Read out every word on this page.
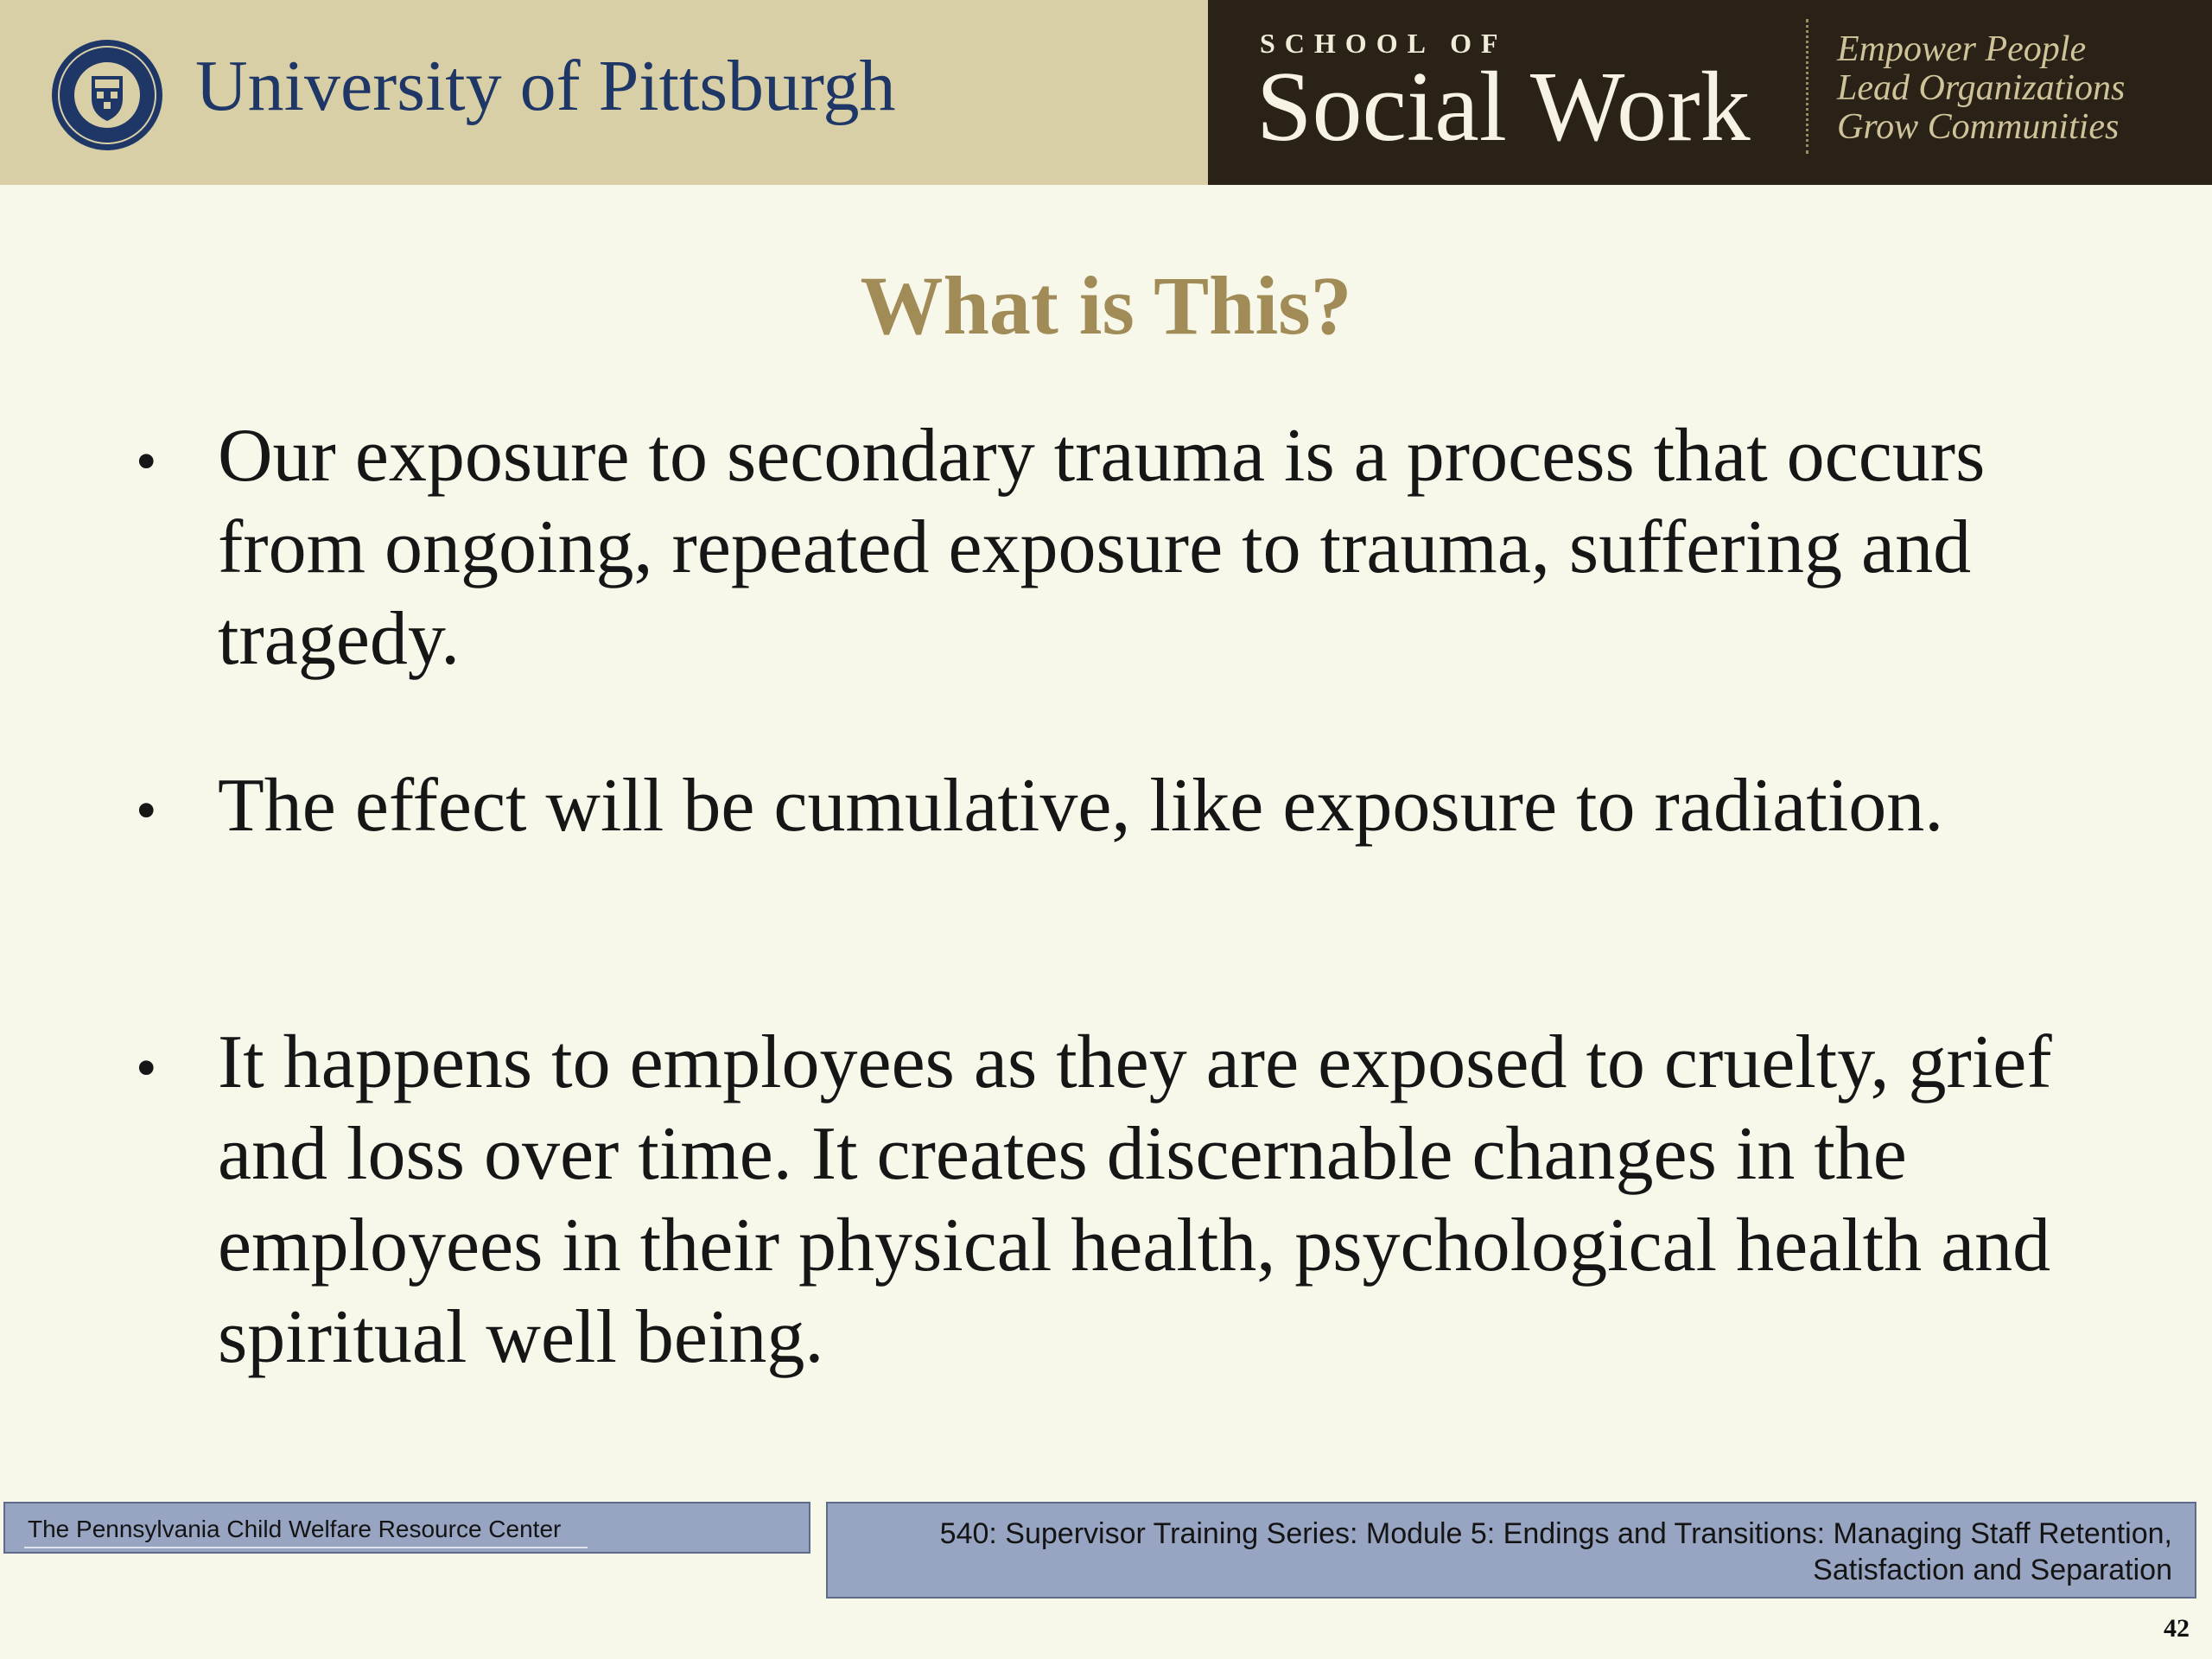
University of Pittsburgh
SCHOOL OF
Social Work
Empower People
Lead Organizations
Grow Communities
What is This?
• Our exposure to secondary trauma is a process that occurs from ongoing, repeated exposure to trauma, suffering and tragedy.
• The effect will be cumulative, like exposure to radiation.
• It happens to employees as they are exposed to cruelty, grief and loss over time. It creates discernable changes in the employees in their physical health, psychological health and spiritual well being.
The Pennsylvania Child Welfare Resource Center	540: Supervisor Training Series: Module 5: Endings and Transitions: Managing Staff Retention,
Satisfaction and Separation
42
